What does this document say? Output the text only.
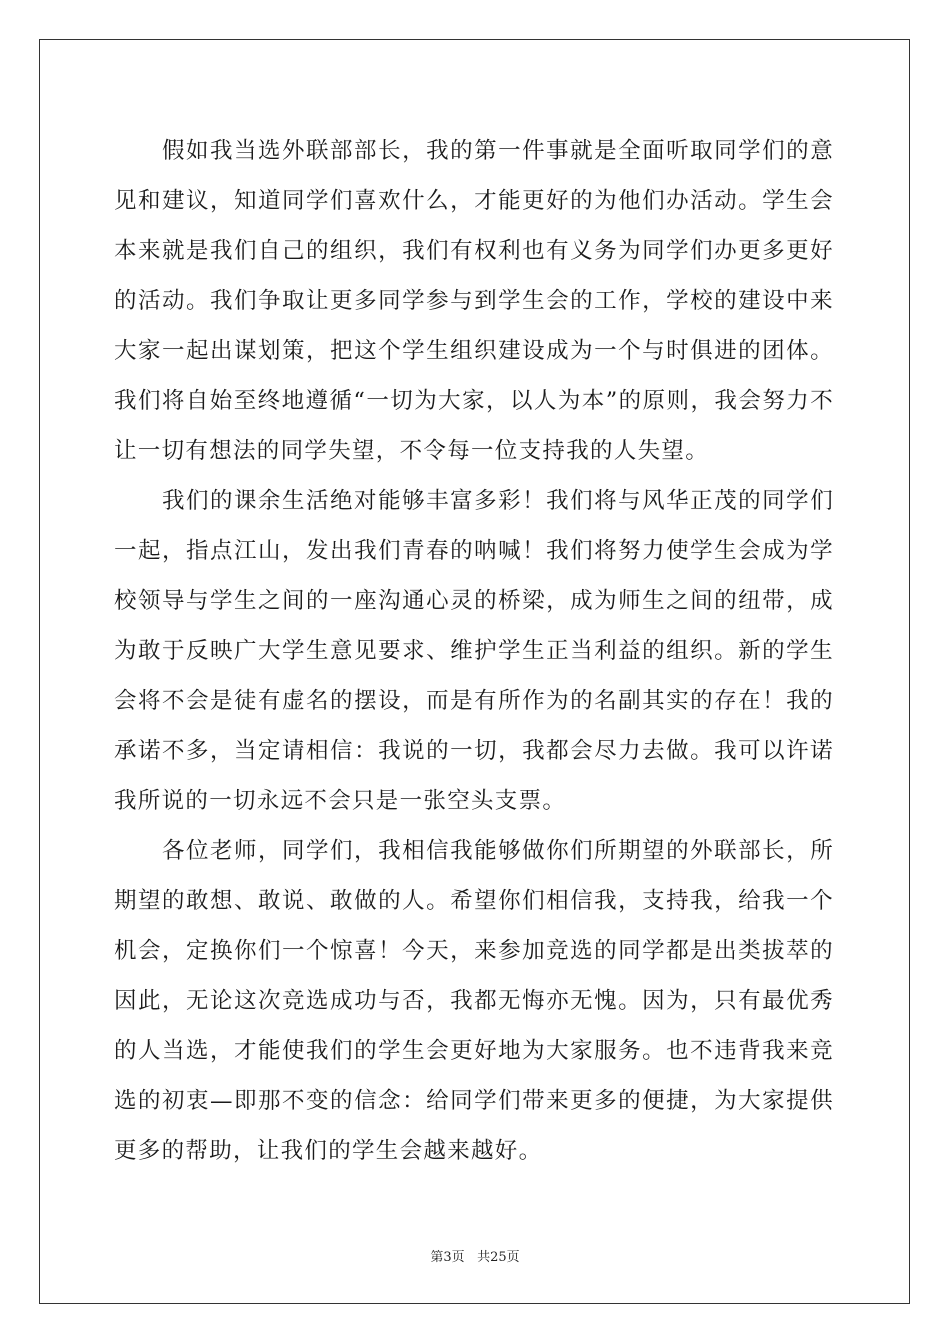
假如我当选外联部部长，我的第一件事就是全面听取同学们的意见和建议，知道同学们喜欢什么，才能更好的为他们办活动。学生会本来就是我们自己的组织，我们有权利也有义务为同学们办更多更好的活动。我们争取让更多同学参与到学生会的工作，学校的建设中来大家一起出谋划策，把这个学生组织建设成为一个与时俱进的团体。我们将自始至终地遵循“一切为大家，以人为本”的原则，我会努力不让一切有想法的同学失望，不令每一位支持我的人失望。

我们的课余生活绝对能够丰富多彩！我们将与风华正茂的同学们一起，指点江山，发出我们青春的呐喊！我们将努力使学生会成为学校领导与学生之间的一座沟通心灵的桥梁，成为师生之间的纽带，成为敢于反映广大学生意见要求、维护学生正当利益的组织。新的学生会将不会是徒有虚名的摆设，而是有所作为的名副其实的存在！我的承诺不多，当定请相信：我说的一切，我都会尽力去做。我可以许诺我所说的一切永远不会只是一张空头支票。

各位老师，同学们，我相信我能够做你们所期望的外联部长，所期望的敢想、敢说、敢做的人。希望你们相信我，支持我，给我一个机会，定换你们一个惊喜！今天，来参加竞选的同学都是出类拔萃的因此，无论这次竞选成功与否，我都无悔亦无愧。因为，只有最优秀的人当选，才能使我们的学生会更好地为大家服务。也不违背我来竞选的初衷—即那不变的信念：给同学们带来更多的便捷，为大家提供更多的帮助，让我们的学生会越来越好。

第3页 共25页
